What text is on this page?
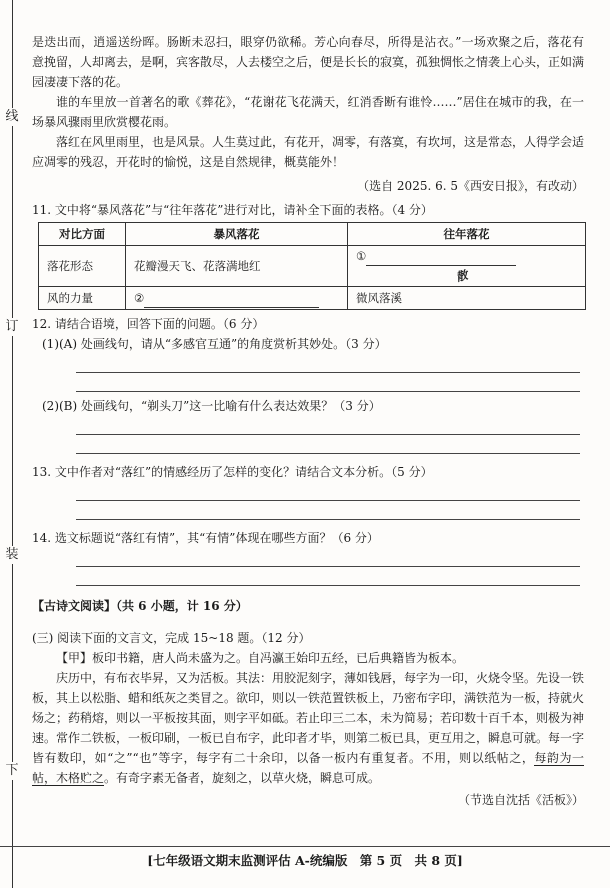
线
订
装
下

是迭出而，逍遥送纷晖。肠断未忍扫，眼穿仍欲稀。芳心向春尽，所得是沾衣。”一场欢聚之后，落花有意挽留，人却离去，是啊，宾客散尽，人去楼空之后，便是长长的寂寞，孤独惆怅之情袭上心头，正如满园凄凄下落的花。

谁的车里放一首著名的歌《葬花》，“花谢花飞花满天，红消香断有谁怜……”居住在城市的我，在一场暴风骤雨里欣赏樱花雨。

落红在风里雨里，也是风景。人生莫过此，有花开，凋零，有落寞，有坎坷，这是常态，人得学会适应凋零的残忍，开花时的愉悦，这是自然规律，概莫能外！

（选自 2025. 6. 5《西安日报》，有改动）

11. 文中将“暴风落花”与“往年落花”进行对比，请补全下面的表格。（4 分）

对比方面	暴风落花	往年落花
落花形态	花瓣漫天飞、花落满地红	①散
风的力量	②	微风落溪

12. 请结合语境，回答下面的问题。（6 分）

(1)(A) 处画线句，请从“多感官互通”的角度赏析其妙处。（3 分）

(2)(B) 处画线句，“剃头刀”这一比喻有什么表达效果？（3 分）

13. 文中作者对“落红”的情感经历了怎样的变化？请结合文本分析。（5 分）

14. 选文标题说“落红有情”，其“有情”体现在哪些方面？（6 分）

【古诗文阅读】（共 6 小题，计 16 分）

(三) 阅读下面的文言文，完成 15~18 题。（12 分）

【甲】板印书籍，唐人尚未盛为之。自冯瀛王始印五经，已后典籍皆为板本。

庆历中，有布衣毕昇，又为活板。其法：用胶泥刻字，薄如钱唇，每字为一印，火烧令坚。先设一铁板，其上以松脂、蜡和纸灰之类冒之。欲印，则以一铁范置铁板上，乃密布字印，满铁范为一板，持就火炀之；药稍熔，则以一平板按其面，则字平如砥。若止印三二本，未为简易；若印数十百千本，则极为神速。常作二铁板，一板印刷，一板已自布字，此印者才毕，则第二板已具，更互用之，瞬息可就。每一字皆有数印，如“之”“也”等字，每字有二十余印，以备一板内有重复者。不用，则以纸帖之，每韵为一帖，木格贮之。有奇字素无备者，旋刻之，以草火烧，瞬息可成。

（节选自沈括《活板》）

[七年级语文期末监测评估 A-统编版 第 5 页 共 8 页]
